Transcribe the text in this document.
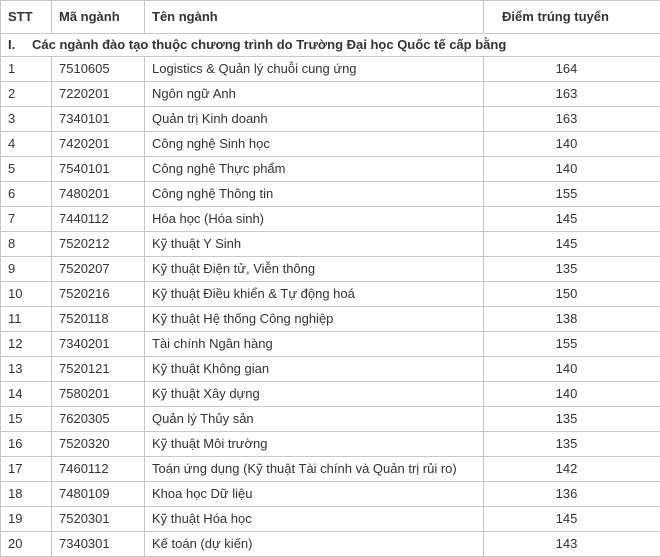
STT	Mã ngành	Tên ngành	Điểm trúng tuyển
I. Các ngành đào tạo thuộc chương trình do Trường Đại học Quốc tế cấp bằng			
1	7510605	Logistics & Quản lý chuỗi cung ứng	164
2	7220201	Ngôn ngữ Anh	163
3	7340101	Quản trị Kinh doanh	163
4	7420201	Công nghệ Sinh học	140
5	7540101	Công nghệ Thực phẩm	140
6	7480201	Công nghệ Thông tin	155
7	7440112	Hóa học (Hóa sinh)	145
8	7520212	Kỹ thuật Y Sinh	145
9	7520207	Kỹ thuật Điện tử, Viễn thông	135
10	7520216	Kỹ thuật Điều khiển & Tự động hoá	150
11	7520118	Kỹ thuật Hệ thống Công nghiệp	138
12	7340201	Tài chính Ngân hàng	155
13	7520121	Kỹ thuật Không gian	140
14	7580201	Kỹ thuật Xây dựng	140
15	7620305	Quản lý Thủy sản	135
16	7520320	Kỹ thuật Môi trường	135
17	7460112	Toán ứng dụng (Kỹ thuật Tài chính và Quản trị rủi ro)	142
18	7480109	Khoa học Dữ liệu	136
19	7520301	Kỹ thuật Hóa học	145
20	7340301	Kế toán (dự kiến)	143
